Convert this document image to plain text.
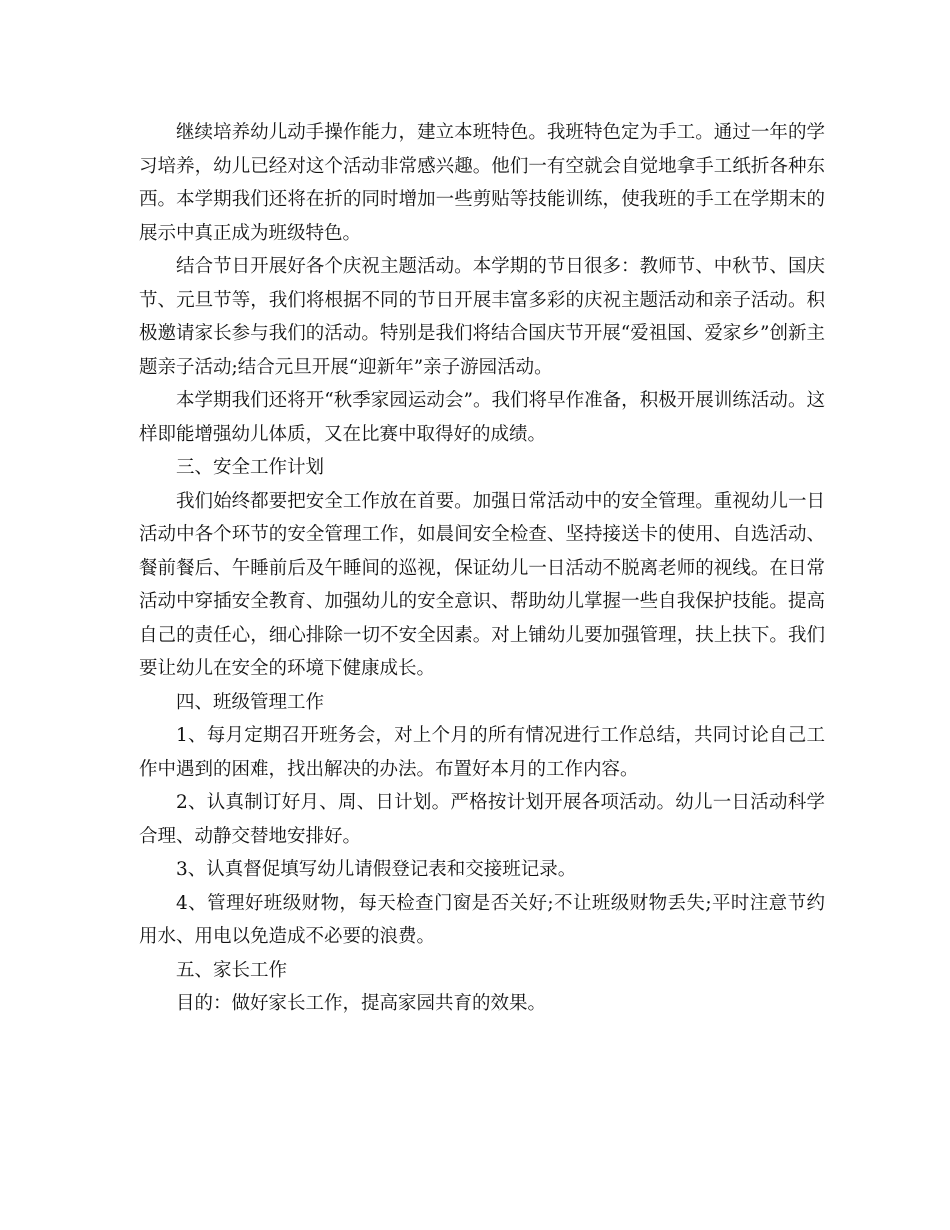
继续培养幼儿动手操作能力，建立本班特色。我班特色定为手工。通过一年的学习培养，幼儿已经对这个活动非常感兴趣。他们一有空就会自觉地拿手工纸折各种东西。本学期我们还将在折的同时增加一些剪贴等技能训练，使我班的手工在学期末的展示中真正成为班级特色。

结合节日开展好各个庆祝主题活动。本学期的节日很多：教师节、中秋节、国庆节、元旦节等，我们将根据不同的节日开展丰富多彩的庆祝主题活动和亲子活动。积极邀请家长参与我们的活动。特别是我们将结合国庆节开展“爱祖国、爱家乡”创新主题亲子活动;结合元旦开展“迎新年”亲子游园活动。

本学期我们还将开“秋季家园运动会”。我们将早作准备，积极开展训练活动。这样即能增强幼儿体质，又在比赛中取得好的成绩。

三、安全工作计划

我们始终都要把安全工作放在首要。加强日常活动中的安全管理。重视幼儿一日活动中各个环节的安全管理工作，如晨间安全检查、坚持接送卡的使用、自选活动、餐前餐后、午睡前后及午睡间的巡视，保证幼儿一日活动不脱离老师的视线。在日常活动中穿插安全教育、加强幼儿的安全意识、帮助幼儿掌握一些自我保护技能。提高自己的责任心，细心排除一切不安全因素。对上铺幼儿要加强管理，扶上扶下。我们要让幼儿在安全的环境下健康成长。

四、班级管理工作

1、每月定期召开班务会，对上个月的所有情况进行工作总结，共同讨论自己工作中遇到的困难，找出解决的办法。布置好本月的工作内容。

2、认真制订好月、周、日计划。严格按计划开展各项活动。幼儿一日活动科学合理、动静交替地安排好。

3、认真督促填写幼儿请假登记表和交接班记录。

4、管理好班级财物，每天检查门窗是否关好;不让班级财物丢失;平时注意节约用水、用电以免造成不必要的浪费。

五、家长工作

目的：做好家长工作，提高家园共育的效果。
